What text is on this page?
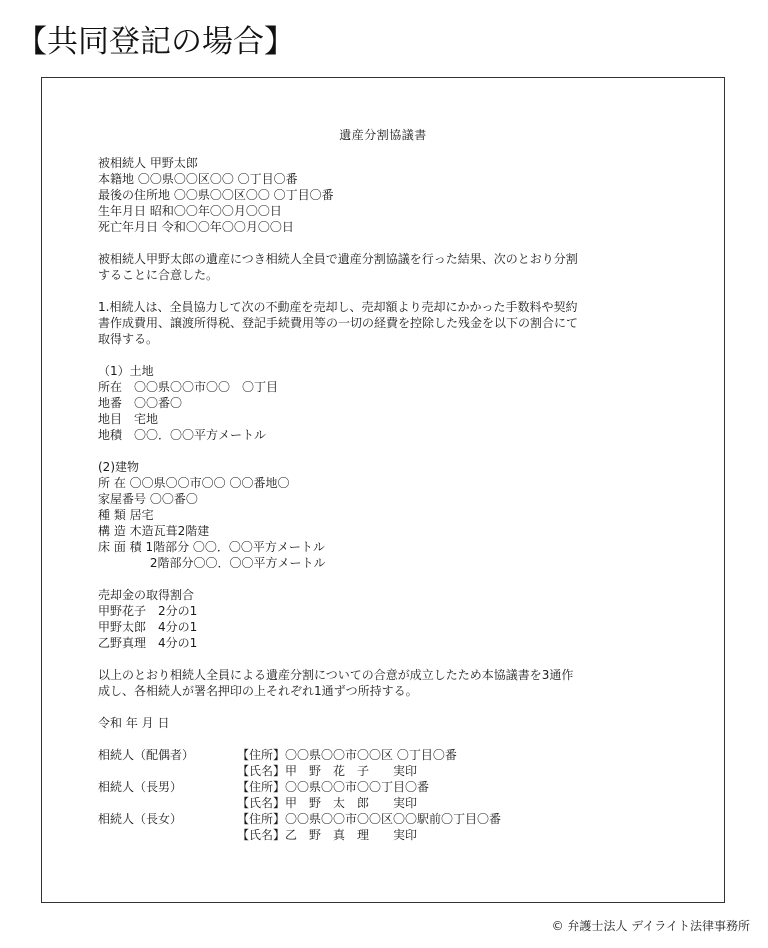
【共同登記の場合】
遺産分割協議書
被相続人 甲野太郎
本籍地 〇〇県〇〇区〇〇 〇丁目〇番
最後の住所地 〇〇県〇〇区〇〇 〇丁目〇番
生年月日 昭和〇〇年〇〇月〇〇日
死亡年月日 令和〇〇年〇〇月〇〇日
被相続人甲野太郎の遺産につき相続人全員で遺産分割協議を行った結果、次のとおり分割
することに合意した。
1.相続人は、全員協力して次の不動産を売却し、売却額より売却にかかった手数料や契約
書作成費用、譲渡所得税、登記手続費用等の一切の経費を控除した残金を以下の割合にて
取得する。
（1）土地
所在　〇〇県〇〇市〇〇　〇丁目
地番　〇〇番〇
地目　宅地
地積　〇〇．〇〇平方メートル
(2)建物
所 在 〇〇県〇〇市〇〇 〇〇番地〇
家屋番号 〇〇番〇
種 類 居宅
構 造 木造瓦葺2階建
床 面 積 1階部分 〇〇．〇〇平方メートル
　　　　 2階部分〇〇．〇〇平方メートル
売却金の取得割合
甲野花子　2分の1
甲野太郎　4分の1
乙野真理　4分の1
以上のとおり相続人全員による遺産分割についての合意が成立したため本協議書を3通作
成し、各相続人が署名押印の上それぞれ1通ずつ所持する。
令和 年 月 日
相続人（配偶者）	【住所】〇〇県〇〇市〇〇区 〇丁目〇番
【氏名】甲　野　花　子　　実印
相続人（長男）	【住所】〇〇県〇〇市〇〇丁目〇番
【氏名】甲　野　太　郎　　実印
相続人（長女）	【住所】〇〇県〇〇市〇〇区〇〇駅前〇丁目〇番
【氏名】乙　野　真　理　　実印
© 弁護士法人 デイライト法律事務所
